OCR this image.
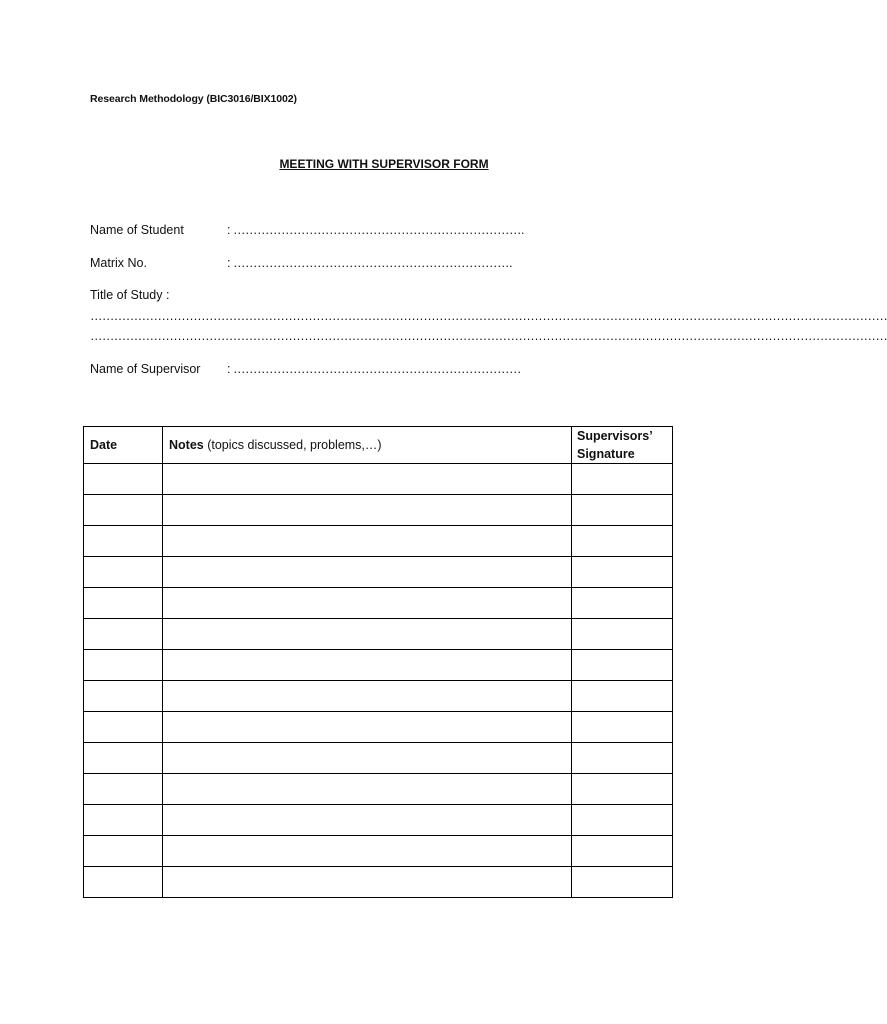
Research Methodology (BIC3016/BIX1002)
MEETING WITH SUPERVISOR FORM
Name of Student	: ……………………………………………………………….
Matrix No.	: …………………………………………………………….
Title of Study :
…………………………………………………………………………………………………………………………………………………………………………………
…………………………………………………………………………………………………………………………………………………………………………………
Name of Supervisor : ………………………………………………………………
Date	Notes (topics discussed, problems,…)	Supervisors’
Signature
